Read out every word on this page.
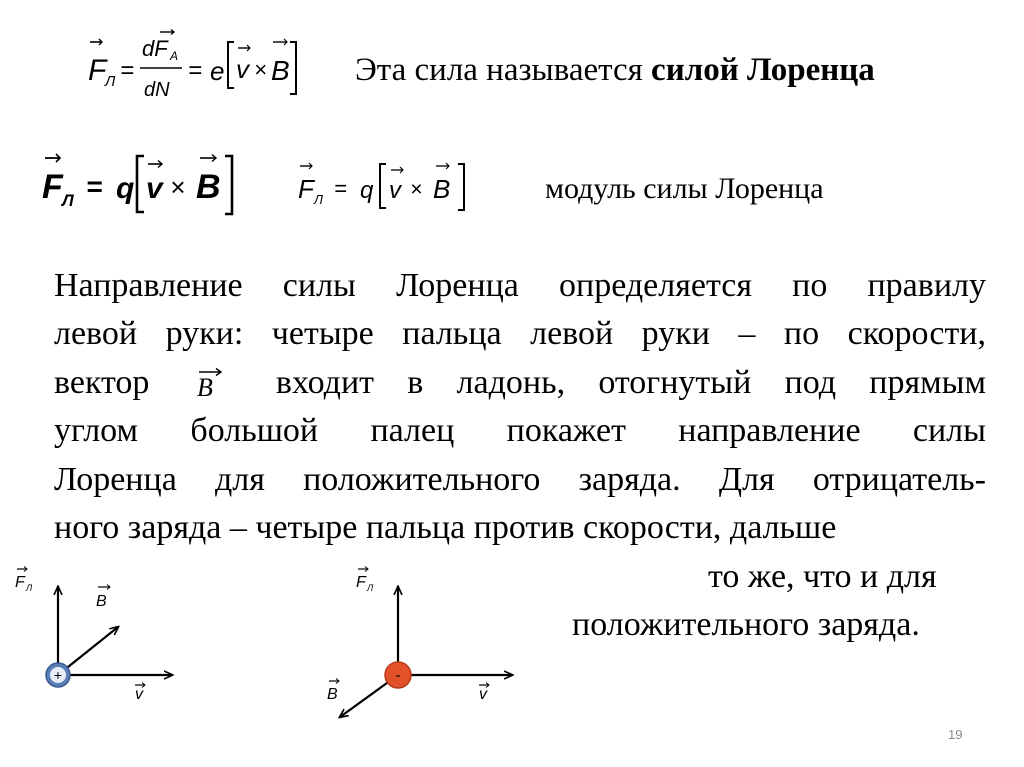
F
Л =
dF A
dN
= e v × B Эта сила называется силой Лоренца
F Л = q v × B	F Л = q v × B	модуль силы Лоренца
Направление силы Лоренца определяется по правилу
левой руки: четыре пальца левой руки – по скорости,
вектор B входит в ладонь, отогнутый под прямым
углом большой палец покажет направление силы
Лоренца для положительного заряда. Для отрицатель-
ного заряда – четыре пальца против скорости, дальше
то же, что и для
положительного заряда.
F Л
B
v
+
F Л
B	v
-
19
